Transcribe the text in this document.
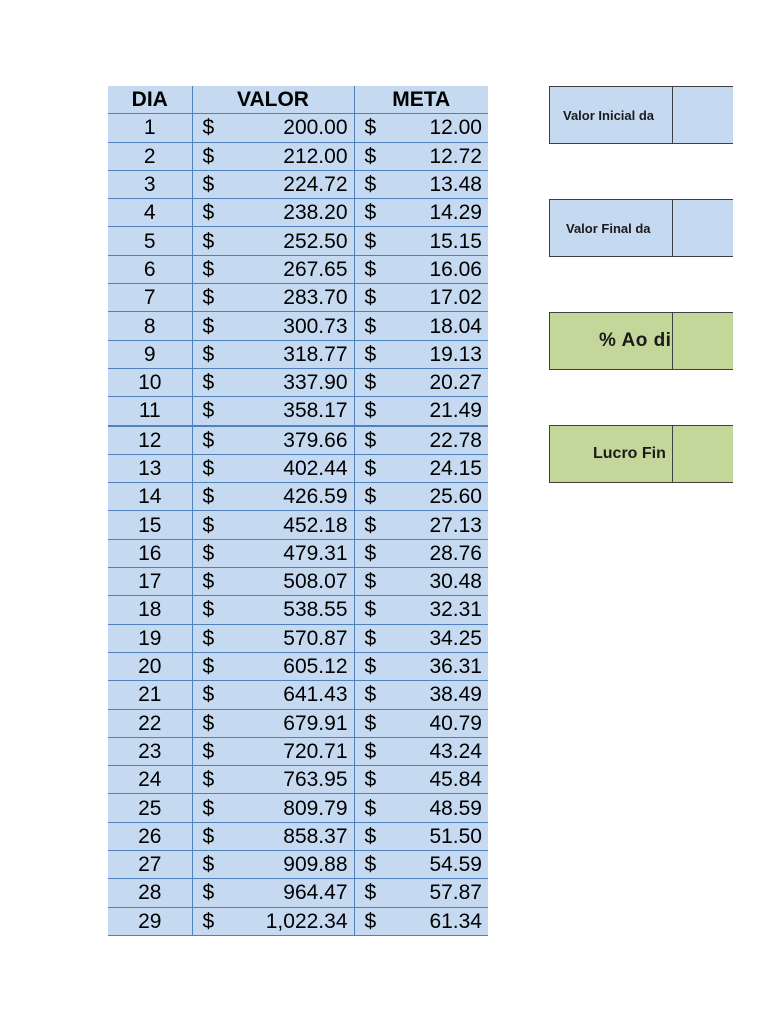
DIA	VALOR	META
1	$ 200.00	$ 12.00

2	$ 212.00	$ 12.72

3	$ 224.72	$ 13.48

4	$ 238.20	$ 14.29

5	$ 252.50	$ 15.15

6	$ 267.65	$ 16.06

7	$ 283.70	$ 17.02

8	$ 300.73	$ 18.04

9	$ 318.77	$ 19.13

10	$ 337.90	$ 20.27

11	$ 358.17	$ 21.49

12	$ 379.66	$ 22.78

13	$ 402.44	$ 24.15

14	$ 426.59	$ 25.60

15	$ 452.18	$ 27.13

16	$ 479.31	$ 28.76

17	$ 508.07	$ 30.48

18	$ 538.55	$ 32.31

19	$ 570.87	$ 34.25

20	$ 605.12	$ 36.31

21	$ 641.43	$ 38.49

22	$ 679.91	$ 40.79

23	$ 720.71	$ 43.24

24	$ 763.95	$ 45.84

25	$ 809.79	$ 48.59

26	$ 858.37	$ 51.50

27	$ 909.88	$ 54.59

28	$ 964.47	$ 57.87

29	$ 1,022.34	$ 61.34
Valor Inicial da
Valor Final da
% Ao di
Lucro Fin
